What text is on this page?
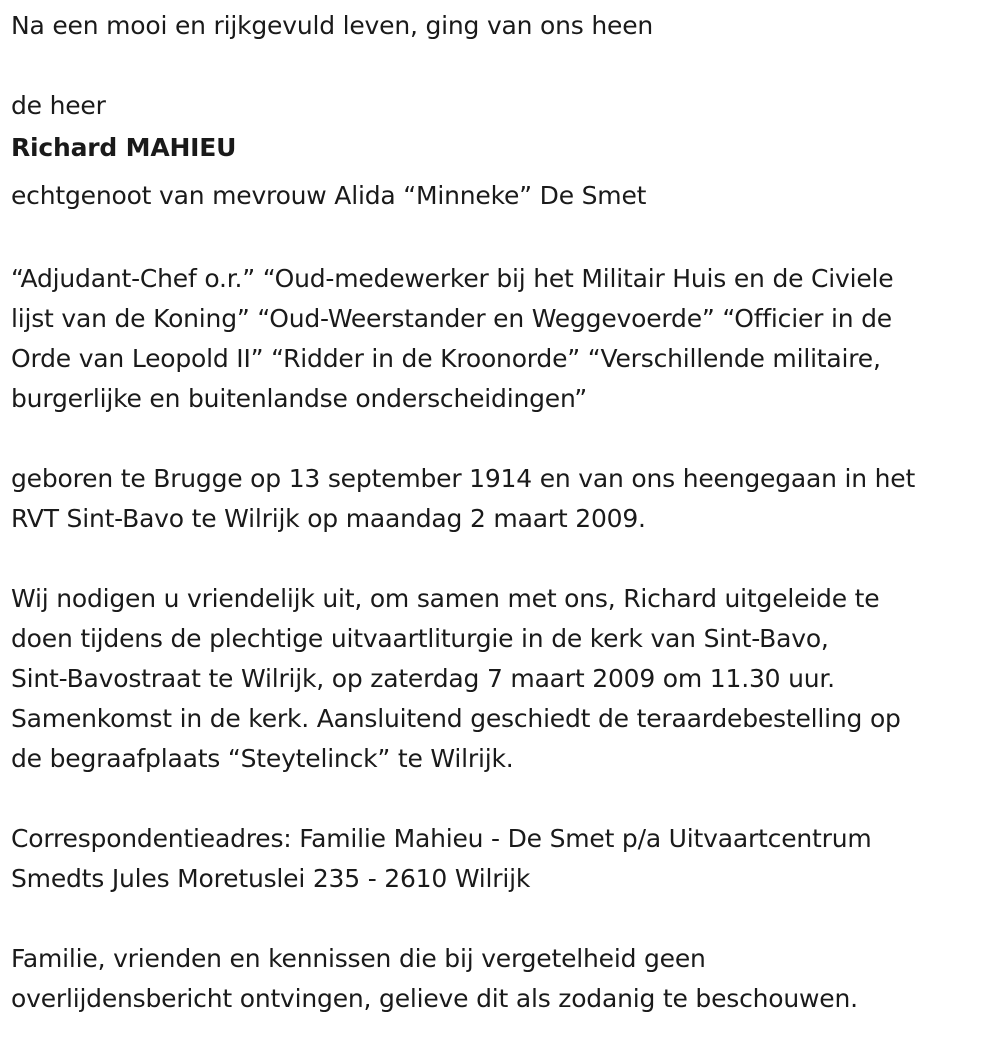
Na een mooi en rijkgevuld leven, ging van ons heen

de heer

Richard MAHIEU

echtgenoot van mevrouw Alida “Minneke” De Smet

“Adjudant-Chef o.r.” “Oud-medewerker bij het Militair Huis en de Civiele

lijst van de Koning” “Oud-Weerstander en Weggevoerde” “Officier in de

Orde van Leopold II” “Ridder in de Kroonorde” “Verschillende militaire,

burgerlijke en buitenlandse onderscheidingen”

geboren te Brugge op 13 september 1914 en van ons heengegaan in het

RVT Sint-Bavo te Wilrijk op maandag 2 maart 2009.

Wij nodigen u vriendelijk uit, om samen met ons, Richard uitgeleide te

doen tijdens de plechtige uitvaartliturgie in de kerk van Sint-Bavo,

Sint-Bavostraat te Wilrijk, op zaterdag 7 maart 2009 om 11.30 uur.

Samenkomst in de kerk. Aansluitend geschiedt de teraardebestelling op

de begraafplaats “Steytelinck” te Wilrijk.

Correspondentieadres: Familie Mahieu - De Smet p/a Uitvaartcentrum

Smedts Jules Moretuslei 235 - 2610 Wilrijk

Familie, vrienden en kennissen die bij vergetelheid geen

overlijdensbericht ontvingen, gelieve dit als zodanig te beschouwen.
